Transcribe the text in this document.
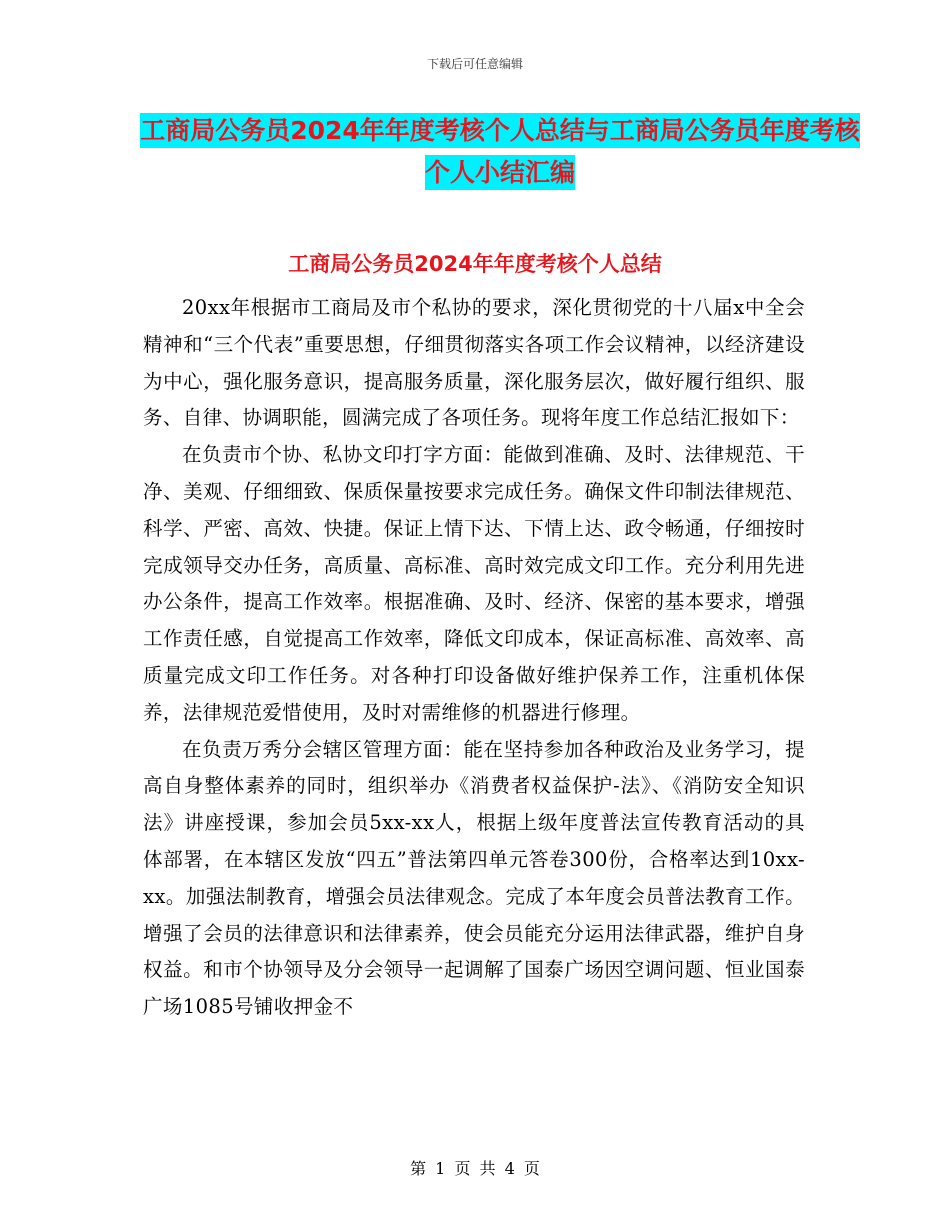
下载后可任意编辑
工商局公务员2024年年度考核个人总结与工商局公务员年度考核个人小结汇编
工商局公务员2024年年度考核个人总结

20xx年根据市工商局及市个私协的要求，深化贯彻党的十八届x中全会精神和“三个代表”重要思想，仔细贯彻落实各项工作会议精神，以经济建设为中心，强化服务意识，提高服务质量，深化服务层次，做好履行组织、服务、自律、协调职能，圆满完成了各项任务。现将年度工作总结汇报如下：

在负责市个协、私协文印打字方面：能做到准确、及时、法律规范、干净、美观、仔细细致、保质保量按要求完成任务。确保文件印制法律规范、科学、严密、高效、快捷。保证上情下达、下情上达、政令畅通，仔细按时完成领导交办任务，高质量、高标准、高时效完成文印工作。充分利用先进办公条件，提高工作效率。根据准确、及时、经济、保密的基本要求，增强工作责任感，自觉提高工作效率，降低文印成本，保证高标准、高效率、高质量完成文印工作任务。对各种打印设备做好维护保养工作，注重机体保养，法律规范爱惜使用，及时对需维修的机器进行修理。

在负责万秀分会辖区管理方面：能在坚持参加各种政治及业务学习，提高自身整体素养的同时，组织举办《消费者权益保护-法》、《消防安全知识法》讲座授课，参加会员5xx-xx人，根据上级年度普法宣传教育活动的具体部署，在本辖区发放“四五”普法第四单元答卷300份，合格率达到10xx-xx。加强法制教育，增强会员法律观念。完成了本年度会员普法教育工作。增强了会员的法律意识和法律素养，使会员能充分运用法律武器，维护自身权益。和市个协领导及分会领导一起调解了国泰广场因空调问题、恒业国泰广场1085号铺收押金不

第 1 页 共 4 页
